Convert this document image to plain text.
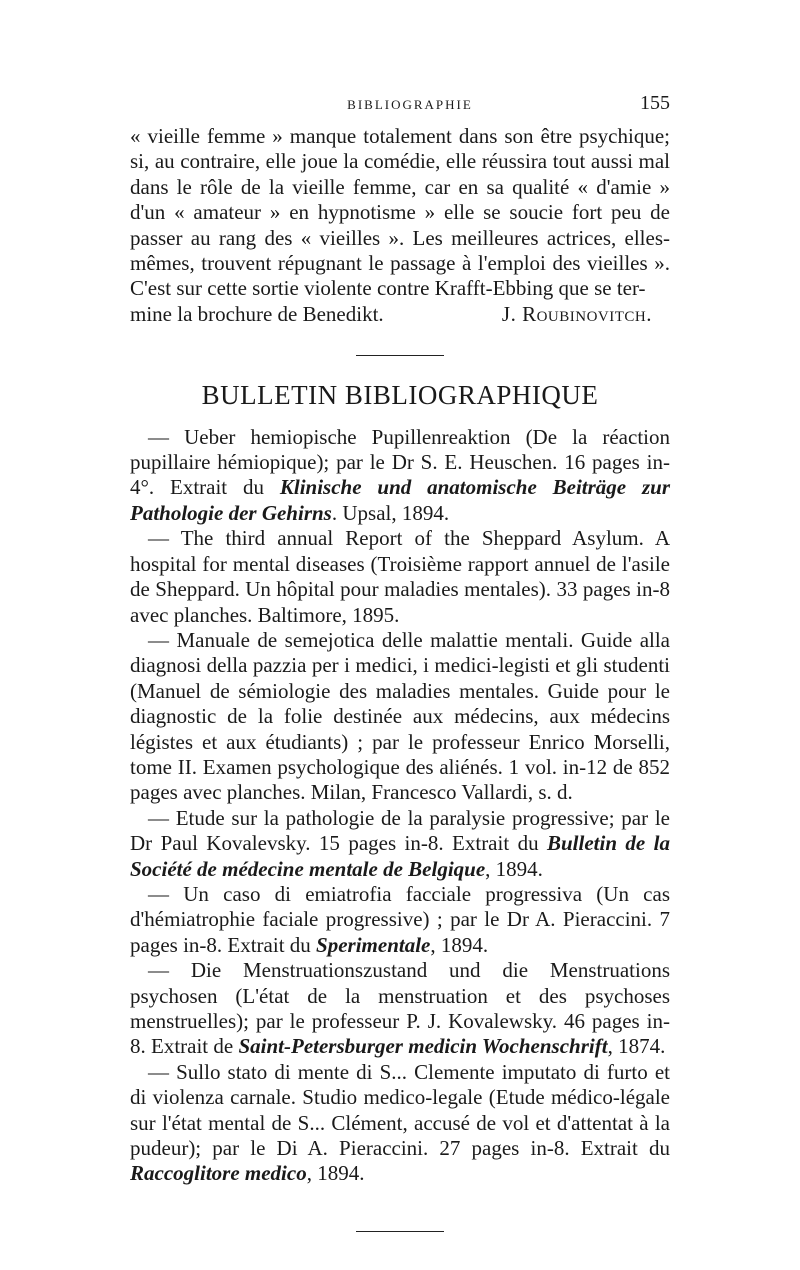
BIBLIOGRAPHIE	155

« vieille femme » manque totalement dans son être psychique; si, au contraire, elle joue la comédie, elle réussira tout aussi mal dans le rôle de la vieille femme, car en sa qualité « d'amie » d'un « amateur » en hypnotisme » elle se soucie fort peu de passer au rang des « vieilles ». Les meilleures actrices, elles-mêmes, trouvent répugnant le passage à l'emploi des vieilles ». C'est sur cette sortie violente contre Krafft-Ebbing que se ter-

mine la brochure de Benedikt.	J. Roubinovitch.

BULLETIN BIBLIOGRAPHIQUE

— Ueber hemiopische Pupillenreaktion (De la réaction pupillaire hémiopique); par le Dr S. E. Heuschen. 16 pages in-4°. Extrait du Klinische und anatomische Beiträge zur Pathologie der Gehirns. Upsal, 1894.

— The third annual Report of the Sheppard Asylum. A hospital for mental diseases (Troisième rapport annuel de l'asile de Sheppard. Un hôpital pour maladies mentales). 33 pages in-8 avec planches. Baltimore, 1895.

— Manuale de semejotica delle malattie mentali. Guide alla diagnosi della pazzia per i medici, i medici-legisti et gli studenti (Manuel de sémiologie des maladies mentales. Guide pour le diagnostic de la folie destinée aux médecins, aux médecins légistes et aux étudiants) ; par le professeur Enrico Morselli, tome II. Examen psychologique des aliénés. 1 vol. in-12 de 852 pages avec planches. Milan, Francesco Vallardi, s. d.

— Etude sur la pathologie de la paralysie progressive; par le Dr Paul Kovalevsky. 15 pages in-8. Extrait du Bulletin de la Société de médecine mentale de Belgique, 1894.

— Un caso di emiatrofia facciale progressiva (Un cas d'hémiatrophie faciale progressive) ; par le Dr A. Pieraccini. 7 pages in-8. Extrait du Sperimentale, 1894.

— Die Menstruationszustand und die Menstruations psychosen (L'état de la menstruation et des psychoses menstruelles); par le professeur P. J. Kovalewsky. 46 pages in-8. Extrait de Saint-Petersburger medicin Wochenschrift, 1874.

— Sullo stato di mente di S... Clemente imputato di furto et di violenza carnale. Studio medico-legale (Etude médico-légale sur l'état mental de S... Clément, accusé de vol et d'attentat à la pudeur); par le Di A. Pieraccini. 27 pages in-8. Extrait du Raccoglitore medico, 1894.
